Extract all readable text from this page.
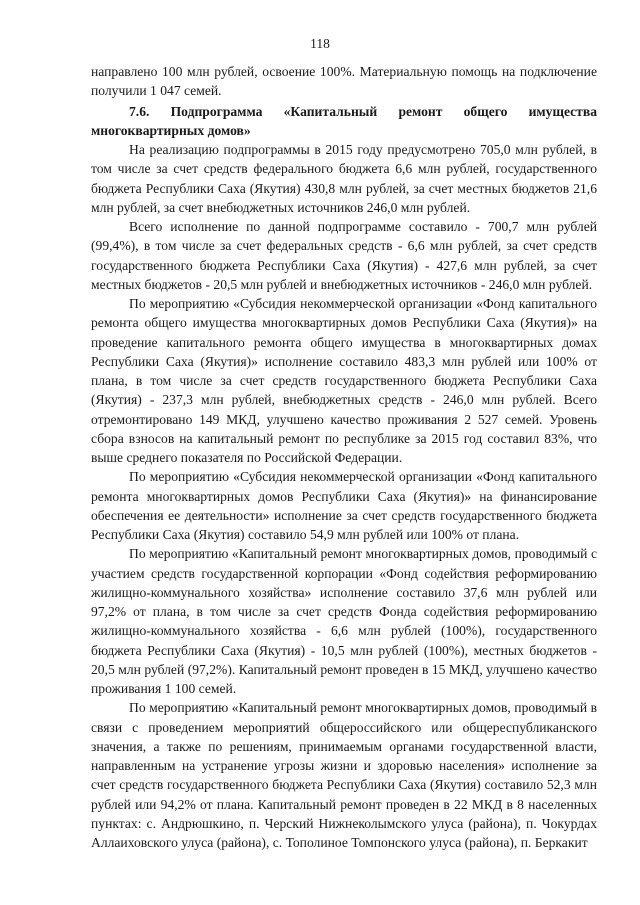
118

направлено 100 млн рублей, освоение 100%. Материальную помощь на подключение получили 1 047 семей.

7.6. Подпрограмма «Капитальный ремонт общего имущества многоквартирных домов»

На реализацию подпрограммы в 2015 году предусмотрено 705,0 млн рублей, в том числе за счет средств федерального бюджета 6,6 млн рублей, государственного бюджета Республики Саха (Якутия) 430,8 млн рублей, за счет местных бюджетов 21,6 млн рублей, за счет внебюджетных источников 246,0 млн рублей.

Всего исполнение по данной подпрограмме составило - 700,7 млн рублей (99,4%), в том числе за счет федеральных средств - 6,6 млн рублей, за счет средств государственного бюджета Республики Саха (Якутия) - 427,6 млн рублей, за счет местных бюджетов - 20,5 млн рублей и внебюджетных источников - 246,0 млн рублей.

По мероприятию «Субсидия некоммерческой организации «Фонд капитального ремонта общего имущества многоквартирных домов Республики Саха (Якутия)» на проведение капитального ремонта общего имущества в многоквартирных домах Республики Саха (Якутия)» исполнение составило 483,3 млн рублей или 100% от плана, в том числе за счет средств государственного бюджета Республики Саха (Якутия) - 237,3 млн рублей, внебюджетных средств - 246,0 млн рублей. Всего отремонтировано 149 МКД, улучшено качество проживания 2 527 семей. Уровень сбора взносов на капитальный ремонт по республике за 2015 год составил 83%, что выше среднего показателя по Российской Федерации.

По мероприятию «Субсидия некоммерческой организации «Фонд капитального ремонта многоквартирных домов Республики Саха (Якутия)» на финансирование обеспечения ее деятельности» исполнение за счет средств государственного бюджета Республики Саха (Якутия) составило 54,9 млн рублей или 100% от плана.

По мероприятию «Капитальный ремонт многоквартирных домов, проводимый с участием средств государственной корпорации «Фонд содействия реформированию жилищно-коммунального хозяйства» исполнение составило 37,6 млн рублей или 97,2% от плана, в том числе за счет средств Фонда содействия реформированию жилищно-коммунального хозяйства - 6,6 млн рублей (100%), государственного бюджета Республики Саха (Якутия) - 10,5 млн рублей (100%), местных бюджетов - 20,5 млн рублей (97,2%). Капитальный ремонт проведен в 15 МКД, улучшено качество проживания 1 100 семей.

По мероприятию «Капитальный ремонт многоквартирных домов, проводимый в связи с проведением мероприятий общероссийского или общереспубликанского значения, а также по решениям, принимаемым органами государственной власти, направленным на устранение угрозы жизни и здоровью населения» исполнение за счет средств государственного бюджета Республики Саха (Якутия) составило 52,3 млн рублей или 94,2% от плана. Капитальный ремонт проведен в 22 МКД в 8 населенных пунктах: с. Андрюшкино, п. Черский Нижнеколымского улуса (района), п. Чокурдах Аллаиховского улуса (района), с. Тополиное Томпонского улуса (района), п. Беркакит
